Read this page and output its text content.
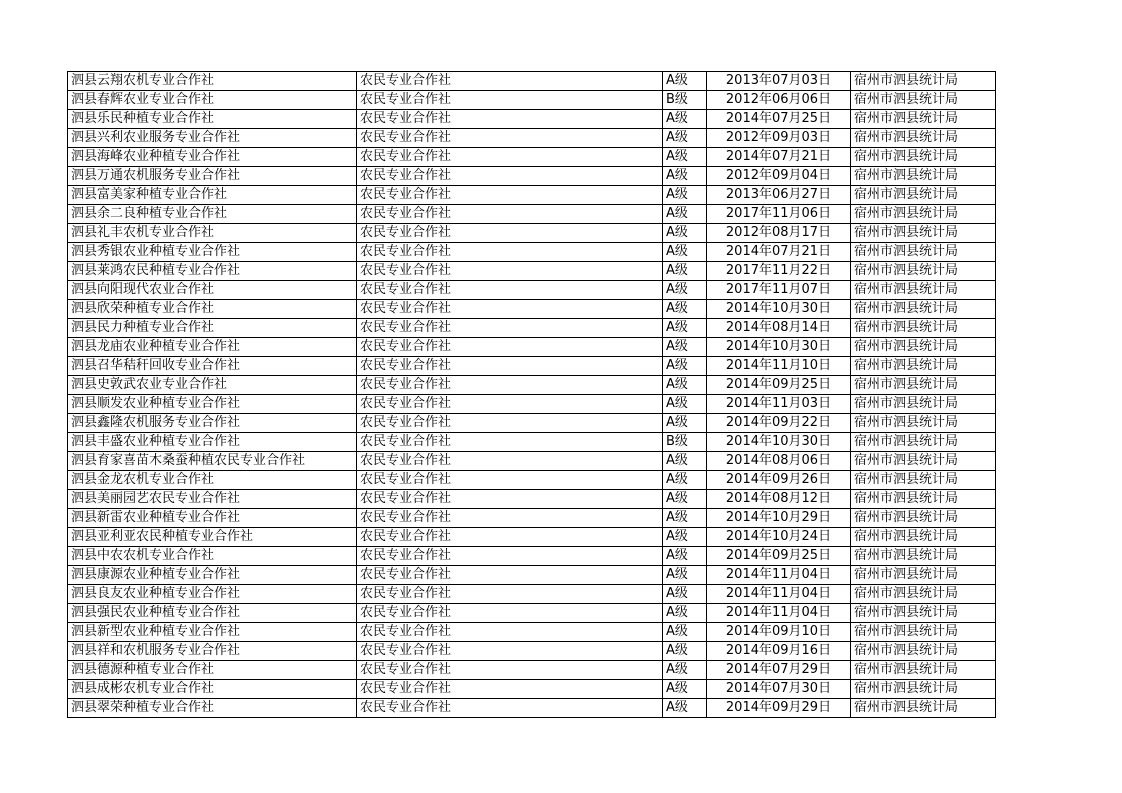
泗县云翔农机专业合作社	农民专业合作社	A级	2013年07月03日	宿州市泗县统计局
泗县春辉农业专业合作社	农民专业合作社	B级	2012年06月06日	宿州市泗县统计局
泗县乐民种植专业合作社	农民专业合作社	A级	2014年07月25日	宿州市泗县统计局
泗县兴利农业服务专业合作社	农民专业合作社	A级	2012年09月03日	宿州市泗县统计局
泗县海峰农业种植专业合作社	农民专业合作社	A级	2014年07月21日	宿州市泗县统计局
泗县万通农机服务专业合作社	农民专业合作社	A级	2012年09月04日	宿州市泗县统计局
泗县富美家种植专业合作社	农民专业合作社	A级	2013年06月27日	宿州市泗县统计局
泗县余二良种植专业合作社	农民专业合作社	A级	2017年11月06日	宿州市泗县统计局
泗县礼丰农机专业合作社	农民专业合作社	A级	2012年08月17日	宿州市泗县统计局
泗县秀银农业种植专业合作社	农民专业合作社	A级	2014年07月21日	宿州市泗县统计局
泗县莱鸿农民种植专业合作社	农民专业合作社	A级	2017年11月22日	宿州市泗县统计局
泗县向阳现代农业合作社	农民专业合作社	A级	2017年11月07日	宿州市泗县统计局
泗县欣荣种植专业合作社	农民专业合作社	A级	2014年10月30日	宿州市泗县统计局
泗县民力种植专业合作社	农民专业合作社	A级	2014年08月14日	宿州市泗县统计局
泗县龙庙农业种植专业合作社	农民专业合作社	A级	2014年10月30日	宿州市泗县统计局
泗县召华秸秆回收专业合作社	农民专业合作社	A级	2014年11月10日	宿州市泗县统计局
泗县史敦武农业专业合作社	农民专业合作社	A级	2014年09月25日	宿州市泗县统计局
泗县顺发农业种植专业合作社	农民专业合作社	A级	2014年11月03日	宿州市泗县统计局
泗县鑫隆农机服务专业合作社	农民专业合作社	A级	2014年09月22日	宿州市泗县统计局
泗县丰盛农业种植专业合作社	农民专业合作社	B级	2014年10月30日	宿州市泗县统计局
泗县育家喜苗木桑蚕种植农民专业合作社	农民专业合作社	A级	2014年08月06日	宿州市泗县统计局
泗县金龙农机专业合作社	农民专业合作社	A级	2014年09月26日	宿州市泗县统计局
泗县美丽园艺农民专业合作社	农民专业合作社	A级	2014年08月12日	宿州市泗县统计局
泗县新雷农业种植专业合作社	农民专业合作社	A级	2014年10月29日	宿州市泗县统计局
泗县亚利亚农民种植专业合作社	农民专业合作社	A级	2014年10月24日	宿州市泗县统计局
泗县中农农机专业合作社	农民专业合作社	A级	2014年09月25日	宿州市泗县统计局
泗县康源农业种植专业合作社	农民专业合作社	A级	2014年11月04日	宿州市泗县统计局
泗县良友农业种植专业合作社	农民专业合作社	A级	2014年11月04日	宿州市泗县统计局
泗县强民农业种植专业合作社	农民专业合作社	A级	2014年11月04日	宿州市泗县统计局
泗县新型农业种植专业合作社	农民专业合作社	A级	2014年09月10日	宿州市泗县统计局
泗县祥和农机服务专业合作社	农民专业合作社	A级	2014年09月16日	宿州市泗县统计局
泗县德源种植专业合作社	农民专业合作社	A级	2014年07月29日	宿州市泗县统计局
泗县成彬农机专业合作社	农民专业合作社	A级	2014年07月30日	宿州市泗县统计局
泗县翠荣种植专业合作社	农民专业合作社	A级	2014年09月29日	宿州市泗县统计局
